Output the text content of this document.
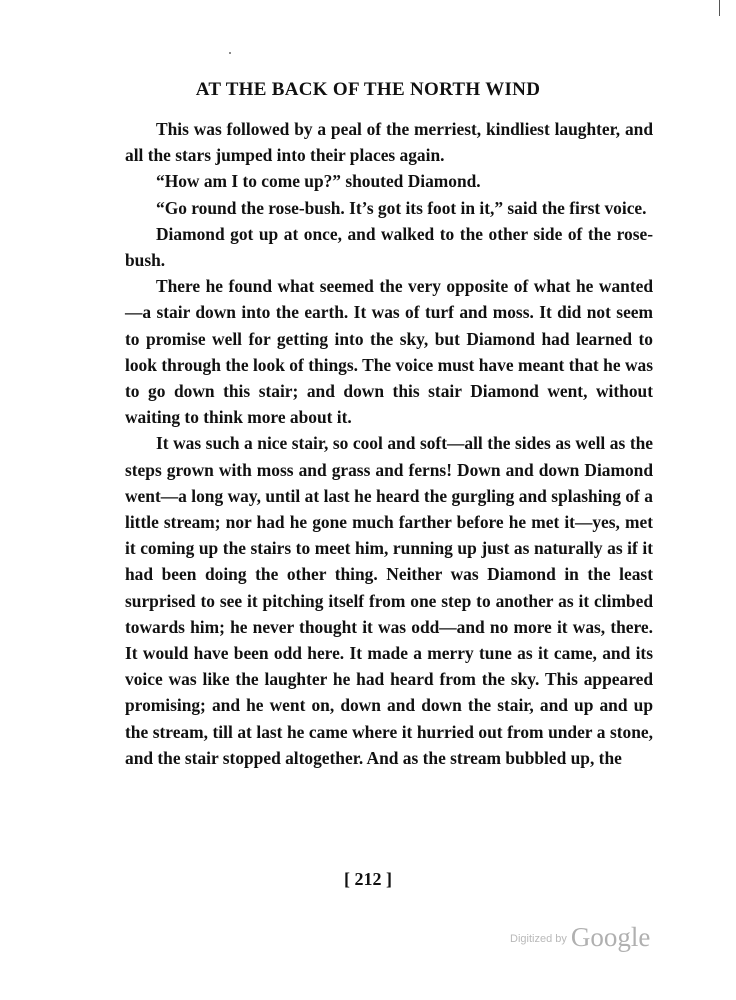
AT THE BACK OF THE NORTH WIND

This was followed by a peal of the merriest, kindliest laughter, and all the stars jumped into their places again.

“How am I to come up?” shouted Diamond.

“Go round the rose-bush. It’s got its foot in it,” said the first voice.

Diamond got up at once, and walked to the other side of the rose-bush.

There he found what seemed the very opposite of what he wanted—a stair down into the earth. It was of turf and moss. It did not seem to promise well for getting into the sky, but Diamond had learned to look through the look of things. The voice must have meant that he was to go down this stair; and down this stair Diamond went, without waiting to think more about it.

It was such a nice stair, so cool and soft—all the sides as well as the steps grown with moss and grass and ferns! Down and down Diamond went—a long way, until at last he heard the gurgling and splashing of a little stream; nor had he gone much farther before he met it—yes, met it coming up the stairs to meet him, running up just as naturally as if it had been doing the other thing. Neither was Diamond in the least surprised to see it pitching itself from one step to another as it climbed towards him; he never thought it was odd—and no more it was, there. It would have been odd here. It made a merry tune as it came, and its voice was like the laughter he had heard from the sky. This appeared promising; and he went on, down and down the stair, and up and up the stream, till at last he came where it hurried out from under a stone, and the stair stopped altogether. And as the stream bubbled up, the

[ 212 ]
$^{Digitized by}$ Google
